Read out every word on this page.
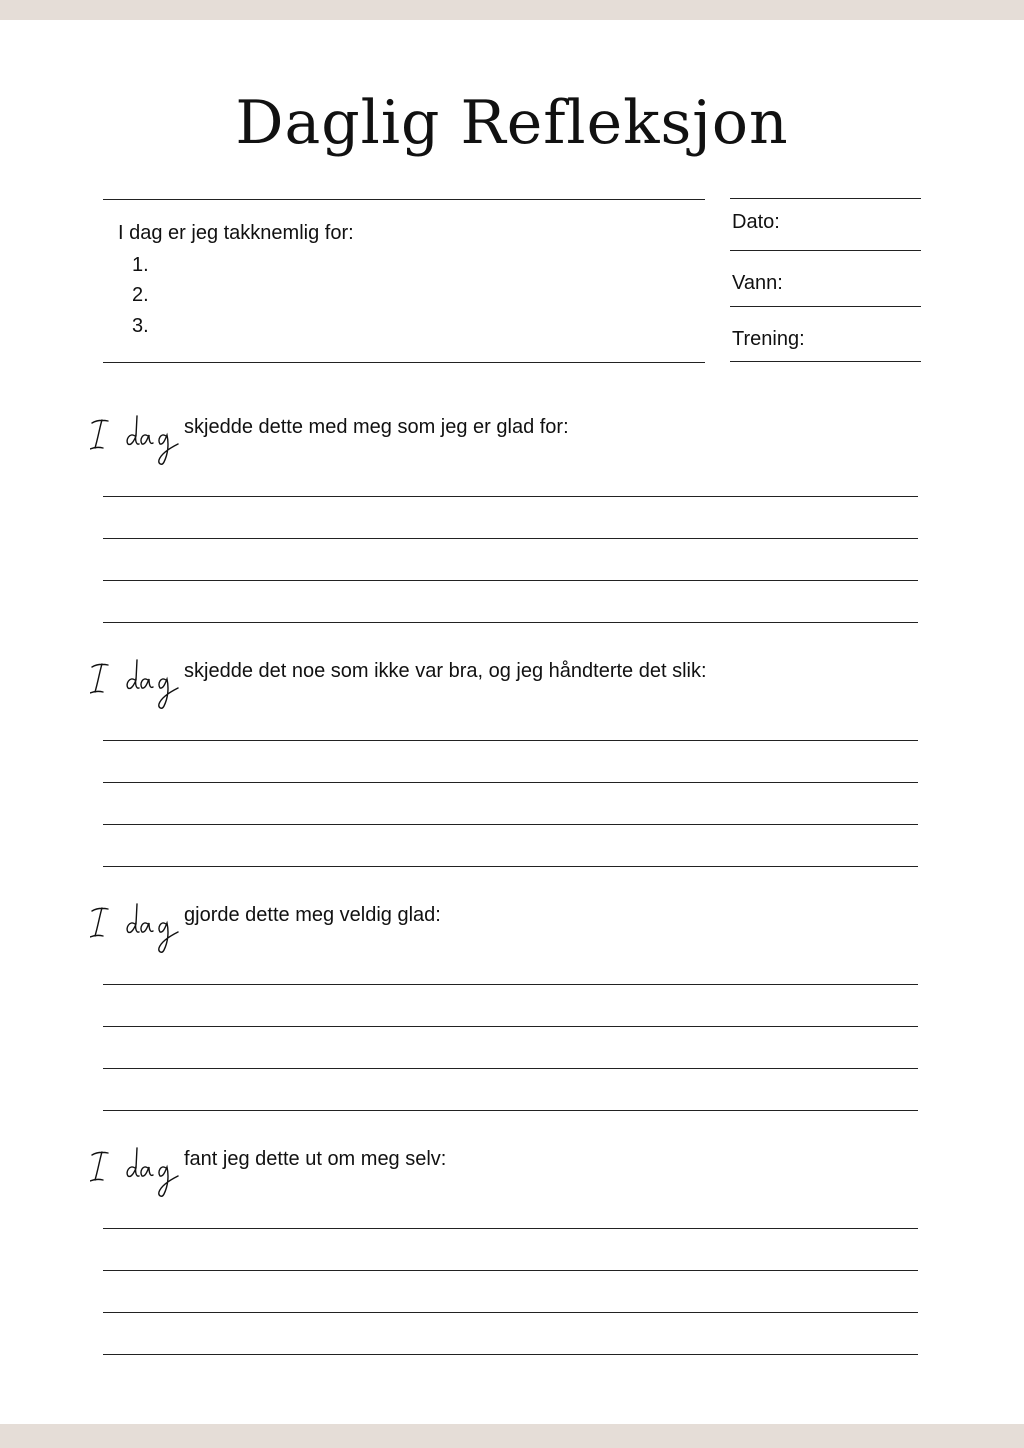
Daglig Refleksjon
I dag er jeg takknemlig for:
1.
2.
3.
Dato:
Vann:
Trening:
skjedde dette med meg som jeg er glad for:
skjedde det noe som ikke var bra, og jeg håndterte det slik:
gjorde dette meg veldig glad:
fant jeg dette ut om meg selv:
